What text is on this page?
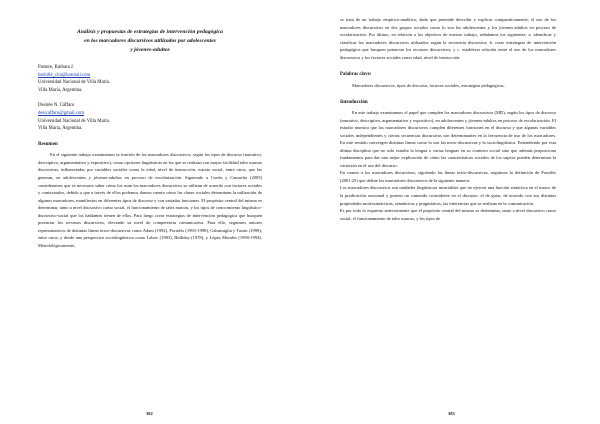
Análisis y propuestas de estrategias de intervención pedagógica
en los marcadores discursivos utilizados por adolescentes
y jóvenes-adultos
Pastore, Bárbara J.
barbi04_cba@hotmail.com
Universidad Nacional de Villa María.
Villa María, Argentina.
Desirée N. Cáffaro
desicaffaro@gmail.com
Universidad Nacional de Villa María.
Villa María, Argentina.
Resumen
En el siguiente trabajo examinamos la función de los marcadores discursivos, según los tipos de discurso (narrativo, descriptivo, argumentativo y expositivo), como opciones lingüísticas en los que se realizan con mayor facilidad tales marcas discursivas, influenciadas por variables sociales como la edad, nivel de instrucción, estrato social, entre otros, que las generan, en adolescentes y jóvenes-adultos en proceso de escolarización. Siguiendo a Cortés y Camacho (2005) consideramos que es necesario saber cómo los usan los marcadores discursivos se utilizan de acuerdo con factores sociales y contextuales, debido a que a través de ellos podemos darnos cuenta cómo las clases sociales determinan la utilización de algunos marcadores, manifiestos en diferentes tipos de discurso y con variadas funciones. El propósito central del mismo es determinar, tanto a nivel discursivo como social, el funcionamiento de tales marcas, y los tipos de conocimiento lingüístico-discursivo-social que los hablantes tienen de ellos. Para luego crear estrategias de intervención pedagógica que busquen potenciar los recursos discursivos, elevando su nivel de competencia comunicativa. Para ello, seguimos autores representativos de distintas líneas texto-discursivas como Adam (1992), Portolés (1993-1998), Calsamiglia y Tusón (1999); entre otros; y desde una perspectiva sociolingüística como Labov (1983), Halliday (1978), y López Morales (1990-1994). Metodológicamente,
382
se trata de un trabajo empírico-analítico, dado que pretende describir y explicar comparativamente, el uso de los marcadores discursivos en dos grupos sociales como lo son los adolescentes y los jóvenes-adultos en proceso de escolarización. Por último, en relación a los objetivos de nuestro trabajo, señalamos los siguientes: a. identificar y clasificar los marcadores discursivos utilizados según la secuencia discursiva; b. crear estrategias de intervención pedagógica que busquen potenciar los recursos discursivos; y c. establecer relación entre el uso de los marcadores discursivos y los factores sociales como edad, nivel de instrucción.
Palabras clave:
Marcadores discursivos, tipos de discurso, factores sociales, estrategias pedagógicas.
Introducción
En este trabajo examinamos el papel que cumplen los marcadores discursivos (MD), según los tipos de discurso (narrativo, descriptivo, argumentativo y expositivo), en adolescentes y jóvenes-adultos en proceso de escolarización. El estudio muestra que los marcadores discursivos cumplen diferentes funciones en el discurso y que algunas variables sociales independientes y ciertas secuencias discursivas son determinantes en la frecuencia de uso de los marcadores. En este sentido convergen distintas líneas como lo son las texto-discursivas y la sociolingüística. Entendiendo por esta última disciplina que no solo estudia la lengua o varias lenguas en su contexto social sino que además proporciona fundamentos para dar una mejor explicación de cómo las características sociales de los sujetos pueden determinar la variación en el uso del discurso.
En cuanto a los marcadores discursivos, siguiendo las líneas texto-discursivas, seguimos la definición de Portolés (2001:25) que define los marcadores discursivos de la siguiente manera:
Los marcadores discursivos son unidades lingüísticas invariables que no ejercen una función sintáctica en el marco de la predicación oracional y poseen un cometido coincidente en el discurso: el de guiar, de acuerdo con sus distintas propiedades morfosintácticas, semánticas y pragmáticas, las inferencias que se realizan en la comunicación.
Es por todo lo expuesto anteriormente que el propósito central del mismo es determinar, tanto a nivel discursivo como social, el funcionamiento de tales marcas, y los tipos de
383
